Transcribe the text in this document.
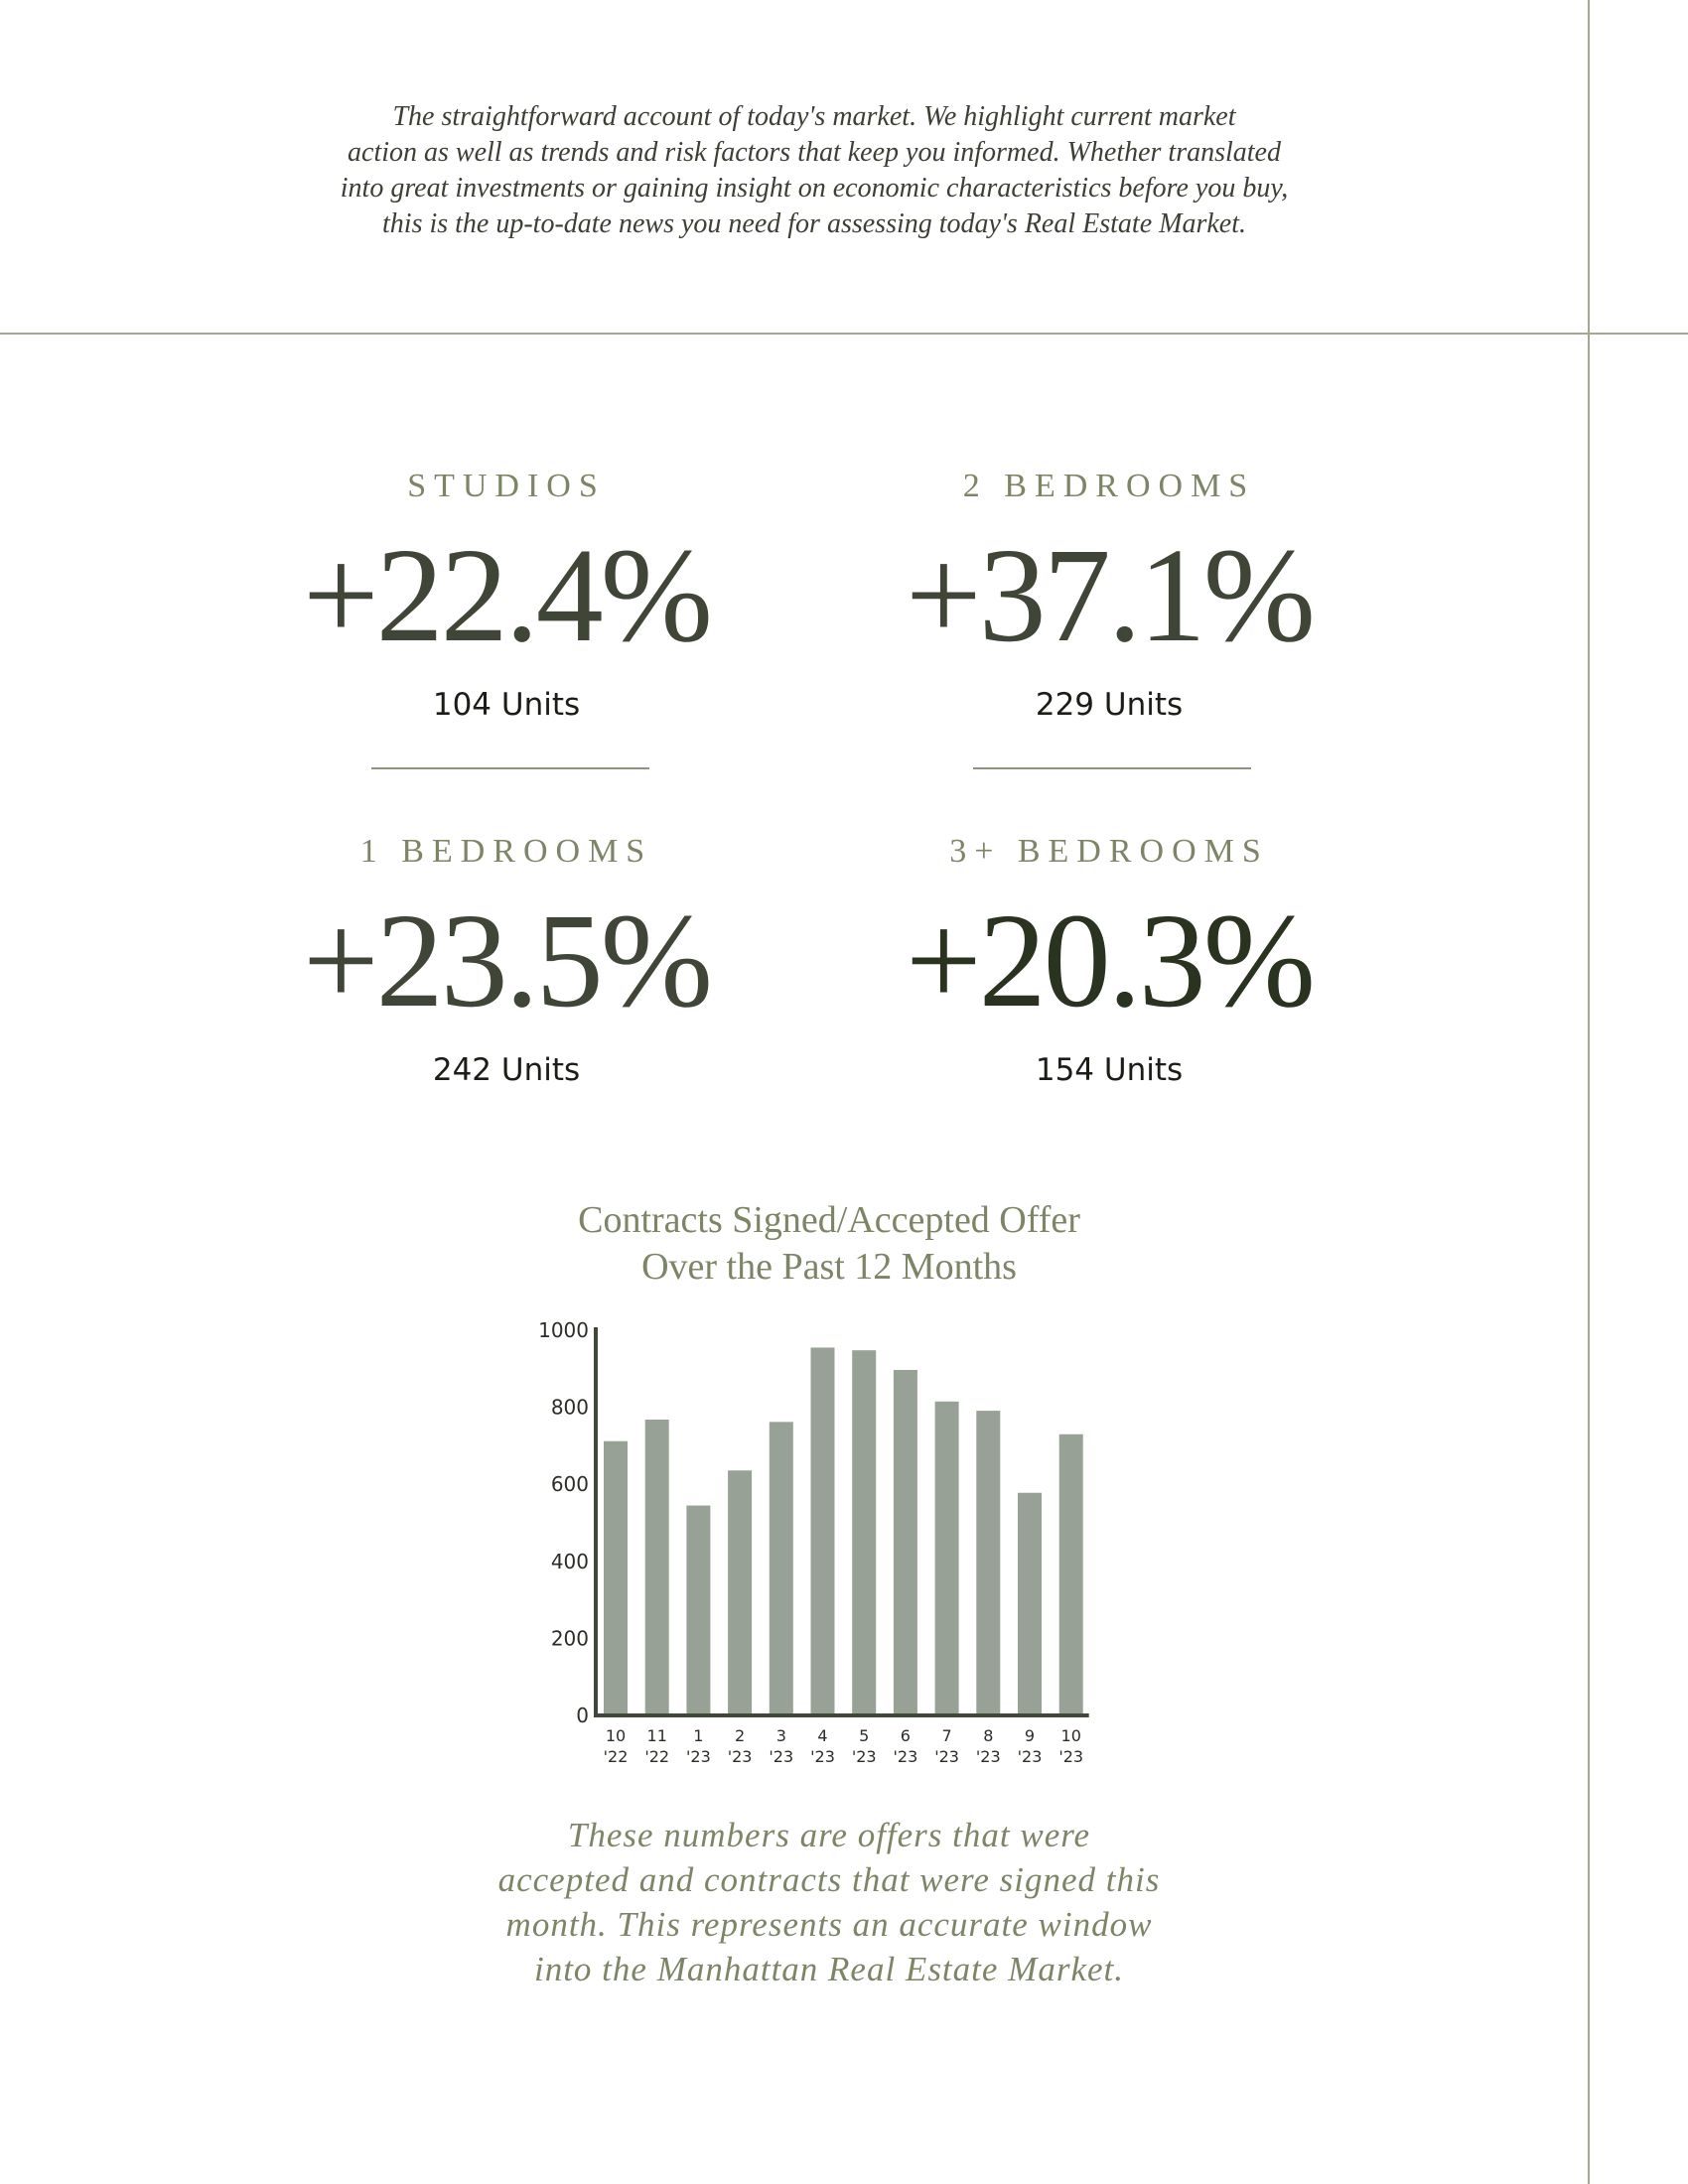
The straightforward account of today's market. We highlight current market
action as well as trends and risk factors that keep you informed. Whether translated
into great investments or gaining insight on economic characteristics before you buy,
this is the up-to-date news you need for assessing today's Real Estate Market.

STUDIOS
+22.4%
104 Units
2 BEDROOMS
+37.1%
229 Units
1 BEDROOMS
+23.5%
242 Units
3+ BEDROOMS
+20.3%
154 Units
Contracts Signed/Accepted Offer
Over the Past 12 Months
0
200
400
600
800
1000
10
'22
11
'22
1
'23
2
'23
3
'23
4
'23
5
'23
6
'23
7
'23
8
'23
9
'23
10
'23
These numbers are offers that were
accepted and contracts that were signed this
month. This represents an accurate window
into the Manhattan Real Estate Market.
